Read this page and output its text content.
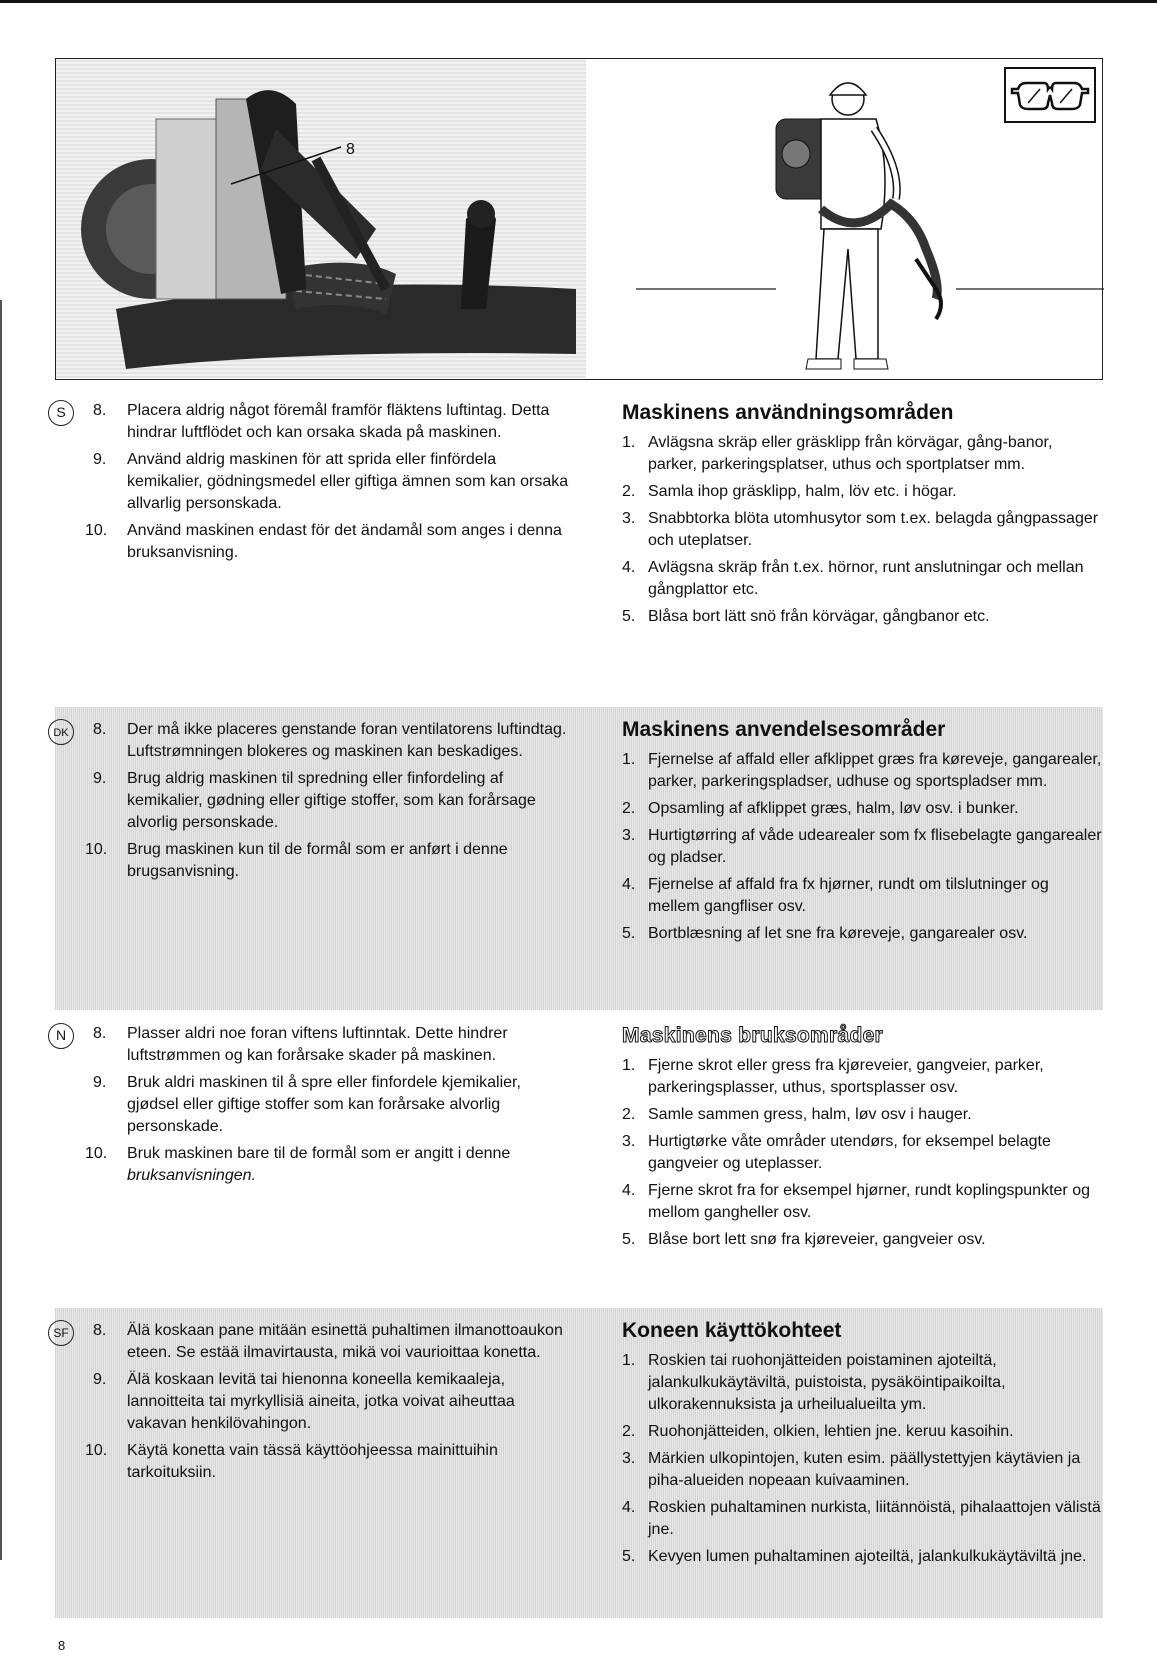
8
S	8. Placera aldrig något föremål framför fläktens luftintag. Detta hindrar luftflödet och kan orsaka skada på maskinen.
9. Använd aldrig maskinen för att sprida eller finfördela kemikalier, gödningsmedel eller giftiga ämnen som kan orsaka allvarlig personskada.
10. Använd maskinen endast för det ändamål som anges i denna bruksanvisning.
Maskinens användningsområden
1. Avlägsna skräp eller gräsklipp från körvägar, gång-banor, parker, parkeringsplatser, uthus och sportplatser mm.
2. Samla ihop gräsklipp, halm, löv etc. i högar.
3. Snabbtorka blöta utomhusytor som t.ex. belagda gångpassager och uteplatser.
4. Avlägsna skräp från t.ex. hörnor, runt anslutningar och mellan gångplattor etc.
5. Blåsa bort lätt snö från körvägar, gångbanor etc.
DK	8. Der må ikke placeres genstande foran ventilatorens luftindtag. Luftstrømningen blokeres og maskinen kan beskadiges.
9. Brug aldrig maskinen til spredning eller finfordeling af kemikalier, gødning eller giftige stoffer, som kan forårsage alvorlig personskade.
10. Brug maskinen kun til de formål som er anført i denne brugsanvisning.
Maskinens anvendelsesområder
1. Fjernelse af affald eller afklippet græs fra køreveje, gangarealer, parker, parkeringspladser, udhuse og sportspladser mm.
2. Opsamling af afklippet græs, halm, løv osv. i bunker.
3. Hurtigtørring af våde udearealer som fx flisebelagte gangarealer og pladser.
4. Fjernelse af affald fra fx hjørner, rundt om tilslutninger og mellem gangfliser osv.
5. Bortblæsning af let sne fra køreveje, gangarealer osv.
N	8. Plasser aldri noe foran viftens luftinntak. Dette hindrer luftstrømmen og kan forårsake skader på maskinen.
9. Bruk aldri maskinen til å spre eller finfordele kjemikalier, gjødsel eller giftige stoffer som kan forårsake alvorlig personskade.
10. Bruk maskinen bare til de formål som er angitt i denne bruksanvisningen.
Maskinens bruksområder
1. Fjerne skrot eller gress fra kjøreveier, gangveier, parker, parkeringsplasser, uthus, sportsplasser osv.
2. Samle sammen gress, halm, løv osv i hauger.
3. Hurtigtørke våte områder utendørs, for eksempel belagte gangveier og uteplasser.
4. Fjerne skrot fra for eksempel hjørner, rundt koplingspunkter og mellom gangheller osv.
5. Blåse bort lett snø fra kjøreveier, gangveier osv.
SF	8. Älä koskaan pane mitään esinettä puhaltimen ilmanottoaukon eteen. Se estää ilmavirtausta, mikä voi vaurioittaa konetta.
9. Älä koskaan levitä tai hienonna koneella kemikaaleja, lannoitteita tai myrkyllisiä aineita, jotka voivat aiheuttaa vakavan henkilövahingon.
10. Käytä konetta vain tässä käyttöohjeessa mainittuihin tarkoituksiin.
Koneen käyttökohteet
1. Roskien tai ruohonjätteiden poistaminen ajoteiltä, jalankulkukäytäviltä, puistoista, pysäköintipaikoilta, ulkorakennuksista ja urheilualueilta ym.
2. Ruohonjätteiden, olkien, lehtien jne. keruu kasoihin.
3. Märkien ulkopintojen, kuten esim. päällystettyjen käytävien ja piha-alueiden nopeaan kuivaaminen.
4. Roskien puhaltaminen nurkista, liitännöistä, pihalaattojen välistä jne.
5. Kevyen lumen puhaltaminen ajoteiltä, jalankulkukäytäviltä jne.
8
